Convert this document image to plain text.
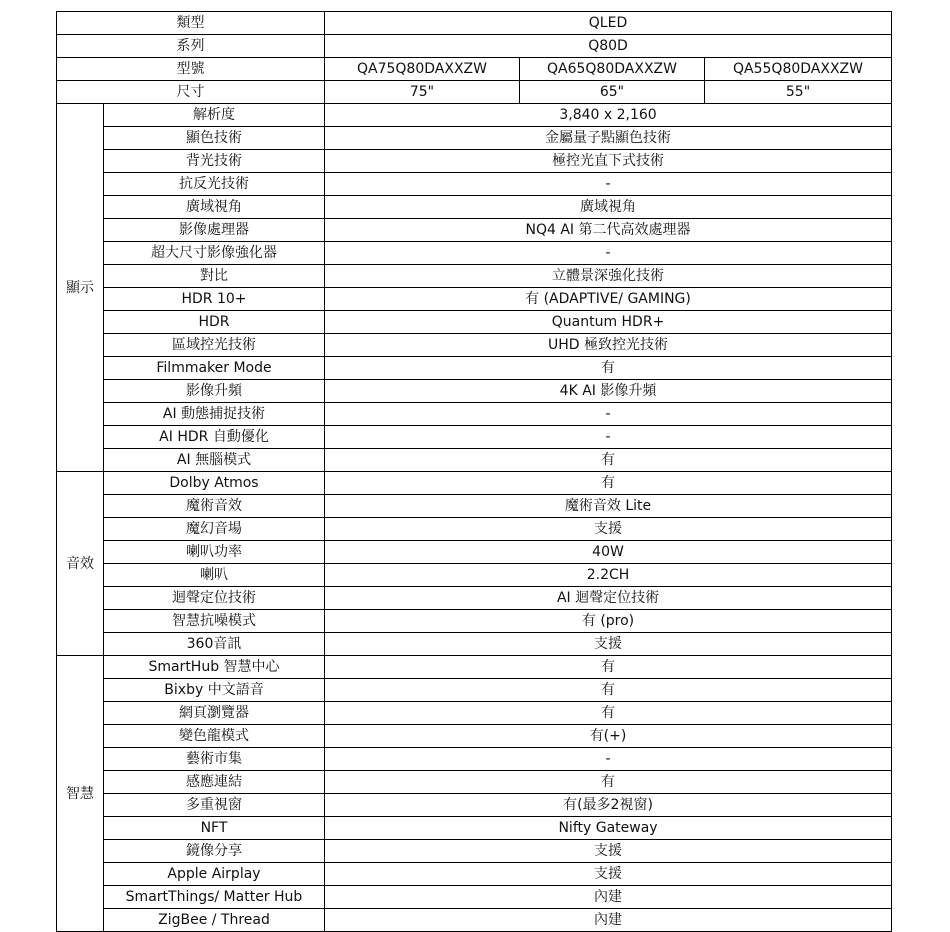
類型		QLED		
系列		Q80D		
型號		QA75Q80DAXXZW	QA65Q80DAXXZW	QA55Q80DAXXZW
尺寸		75"	65"	55"
顯示	解析度	3,840 x 2,160		
	顯色技術	金屬量子點顯色技術		
	背光技術	極控光直下式技術		
	抗反光技術	-		
	廣域視角	廣域視角		
	影像處理器	NQ4 AI 第二代高效處理器		
	超大尺寸影像強化器	-		
	對比	立體景深強化技術		
	HDR 10+	有 (ADAPTIVE/ GAMING)		
	HDR	Quantum HDR+		
	區域控光技術	UHD 極致控光技術		
	Filmmaker Mode	有		
	影像升頻	4K AI 影像升頻		
	AI 動態捕捉技術	-		
	AI HDR 自動優化	-		
	AI 無腦模式	有		
音效	Dolby Atmos	有		
	魔術音效	魔術音效 Lite		
	魔幻音場	支援		
	喇叭功率	40W		
	喇叭	2.2CH		
	迴聲定位技術	AI 迴聲定位技術		
	智慧抗噪模式	有 (pro)		
	360音訊	支援		
智慧	SmartHub 智慧中心	有		
	Bixby 中文語音	有		
	網頁瀏覽器	有		
	變色龍模式	有(+)		
	藝術市集	-		
	感應連結	有		
	多重視窗	有(最多2視窗)		
	NFT	Nifty Gateway		
	鏡像分享	支援		
	Apple Airplay	支援		
	SmartThings/ Matter Hub	內建		
	ZigBee / Thread	內建		
